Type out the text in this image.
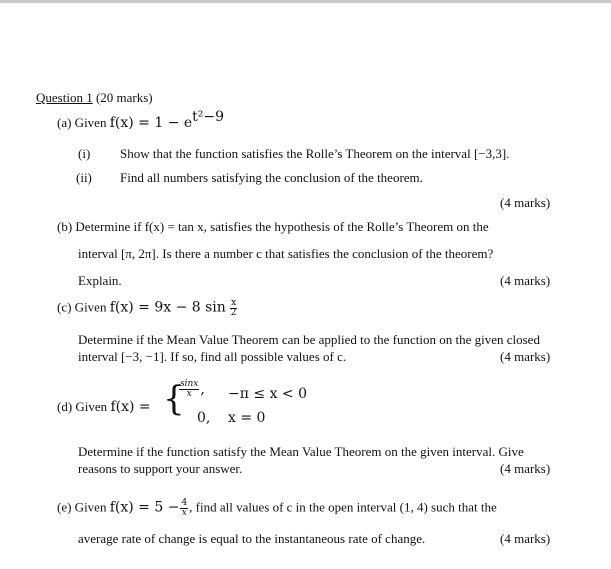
Question 1 (20 marks)
(a) Given $f(x) = 1 - e^{t^2-9}$
(i) Show that the function satisfies the Rolle’s Theorem on the interval [−3,3].
(ii) Find all numbers satisfying the conclusion of the theorem.
(4 marks)
(b) Determine if f(x) = tan x, satisfies the hypothesis of the Rolle’s Theorem on the
interval [π, 2π]. Is there a number c that satisfies the conclusion of the theorem?
Explain.	(4 marks)
(c) Given f(x) = 9x − 8 $\sin \frac{x}{2}$
Determine if the Mean Value Theorem can be applied to the function on the given closed
interval [−3, −1]. If so, find all possible values of c.	(4 marks)
(d) Given f(x) = {
$\frac{\sin x}{x}$ , −π ≤ x < 0
0, x = 0
Determine if the function satisfy the Mean Value Theorem on the given interval. Give
reasons to support your answer.	(4 marks)
(e) Given $f(x) = 5 - \frac{4}{x}$ , find all values of c in the open interval (1, 4) such that the
average rate of change is equal to the instantaneous rate of change.	(4 marks)
